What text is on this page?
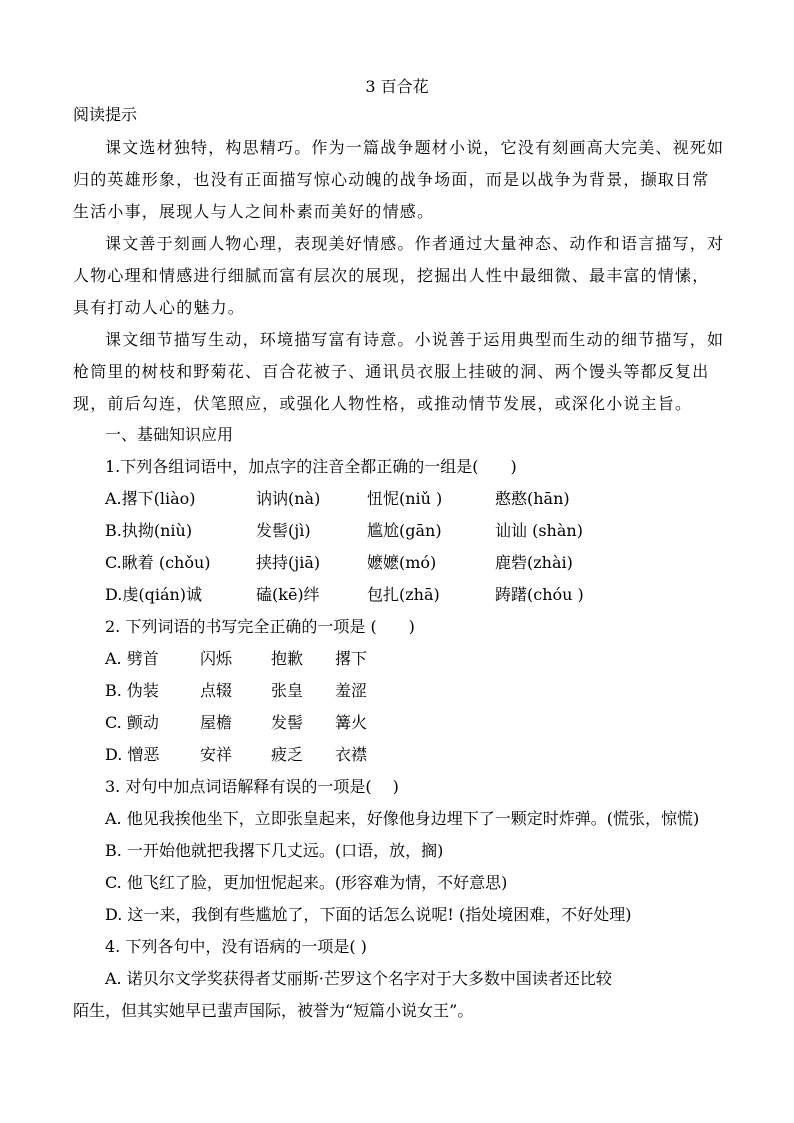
3 百合花
阅读提示

课文选材独特，构思精巧。作为一篇战争题材小说，它没有刻画高大完美、视死如归的英雄形象，也没有正面描写惊心动魄的战争场面，而是以战争为背景，撷取日常生活小事，展现人与人之间朴素而美好的情感。

课文善于刻画人物心理，表现美好情感。作者通过大量神态、动作和语言描写，对人物心理和情感进行细腻而富有层次的展现，挖掘出人性中最细微、最丰富的情愫，具有打动人心的魅力。

课文细节描写生动，环境描写富有诗意。小说善于运用典型而生动的细节描写，如枪筒里的树枝和野菊花、百合花被子、通讯员衣服上挂破的洞、两个馒头等都反复出现，前后勾连，伏笔照应，或强化人物性格，或推动情节发展，或深化小说主旨。

一、基础知识应用
1.下列各组词语中，加点字的注音全都正确的一组是(　　)
A.撂下(liào)	讷讷(nà)	忸怩(niǔ )	憨憨(hān)
B.执拗(niù)	发髻(jì)	尴尬(gān)	讪讪 (shàn)
C.瞅着 (chǒu)	挟持(jiā)	嬷嬷(mó)	鹿砦(zhài)
D.虔(qián)诚	磕(kē)绊	包扎(zhā)	踌躇(chóu )
2. 下列词语的书写完全正确的一项是 (　　)
A. 劈首	闪烁 抱歉 撂下
B. 伪装	点辍 张皇 羞涩
C. 颤动	屋檐 发髻 篝火
D. 憎恶	安祥 疲乏 衣襟
3. 对句中加点词语解释有误的一项是(　 )
A. 他见我挨他坐下，立即张皇起来，好像他身边埋下了一颗定时炸弹。(慌张，惊慌)
B. 一开始他就把我撂下几丈远。(口语，放，搁)
C. 他飞红了脸，更加忸怩起来。(形容难为情，不好意思)
D. 这一来，我倒有些尴尬了，下面的话怎么说呢! (指处境困难，不好处理)
4. 下列各句中，没有语病的一项是( )
A. 诺贝尔文学奖获得者艾丽斯·芒罗这个名字对于大多数中国读者还比较
陌生，但其实她早已蜚声国际，被誉为“短篇小说女王”。
